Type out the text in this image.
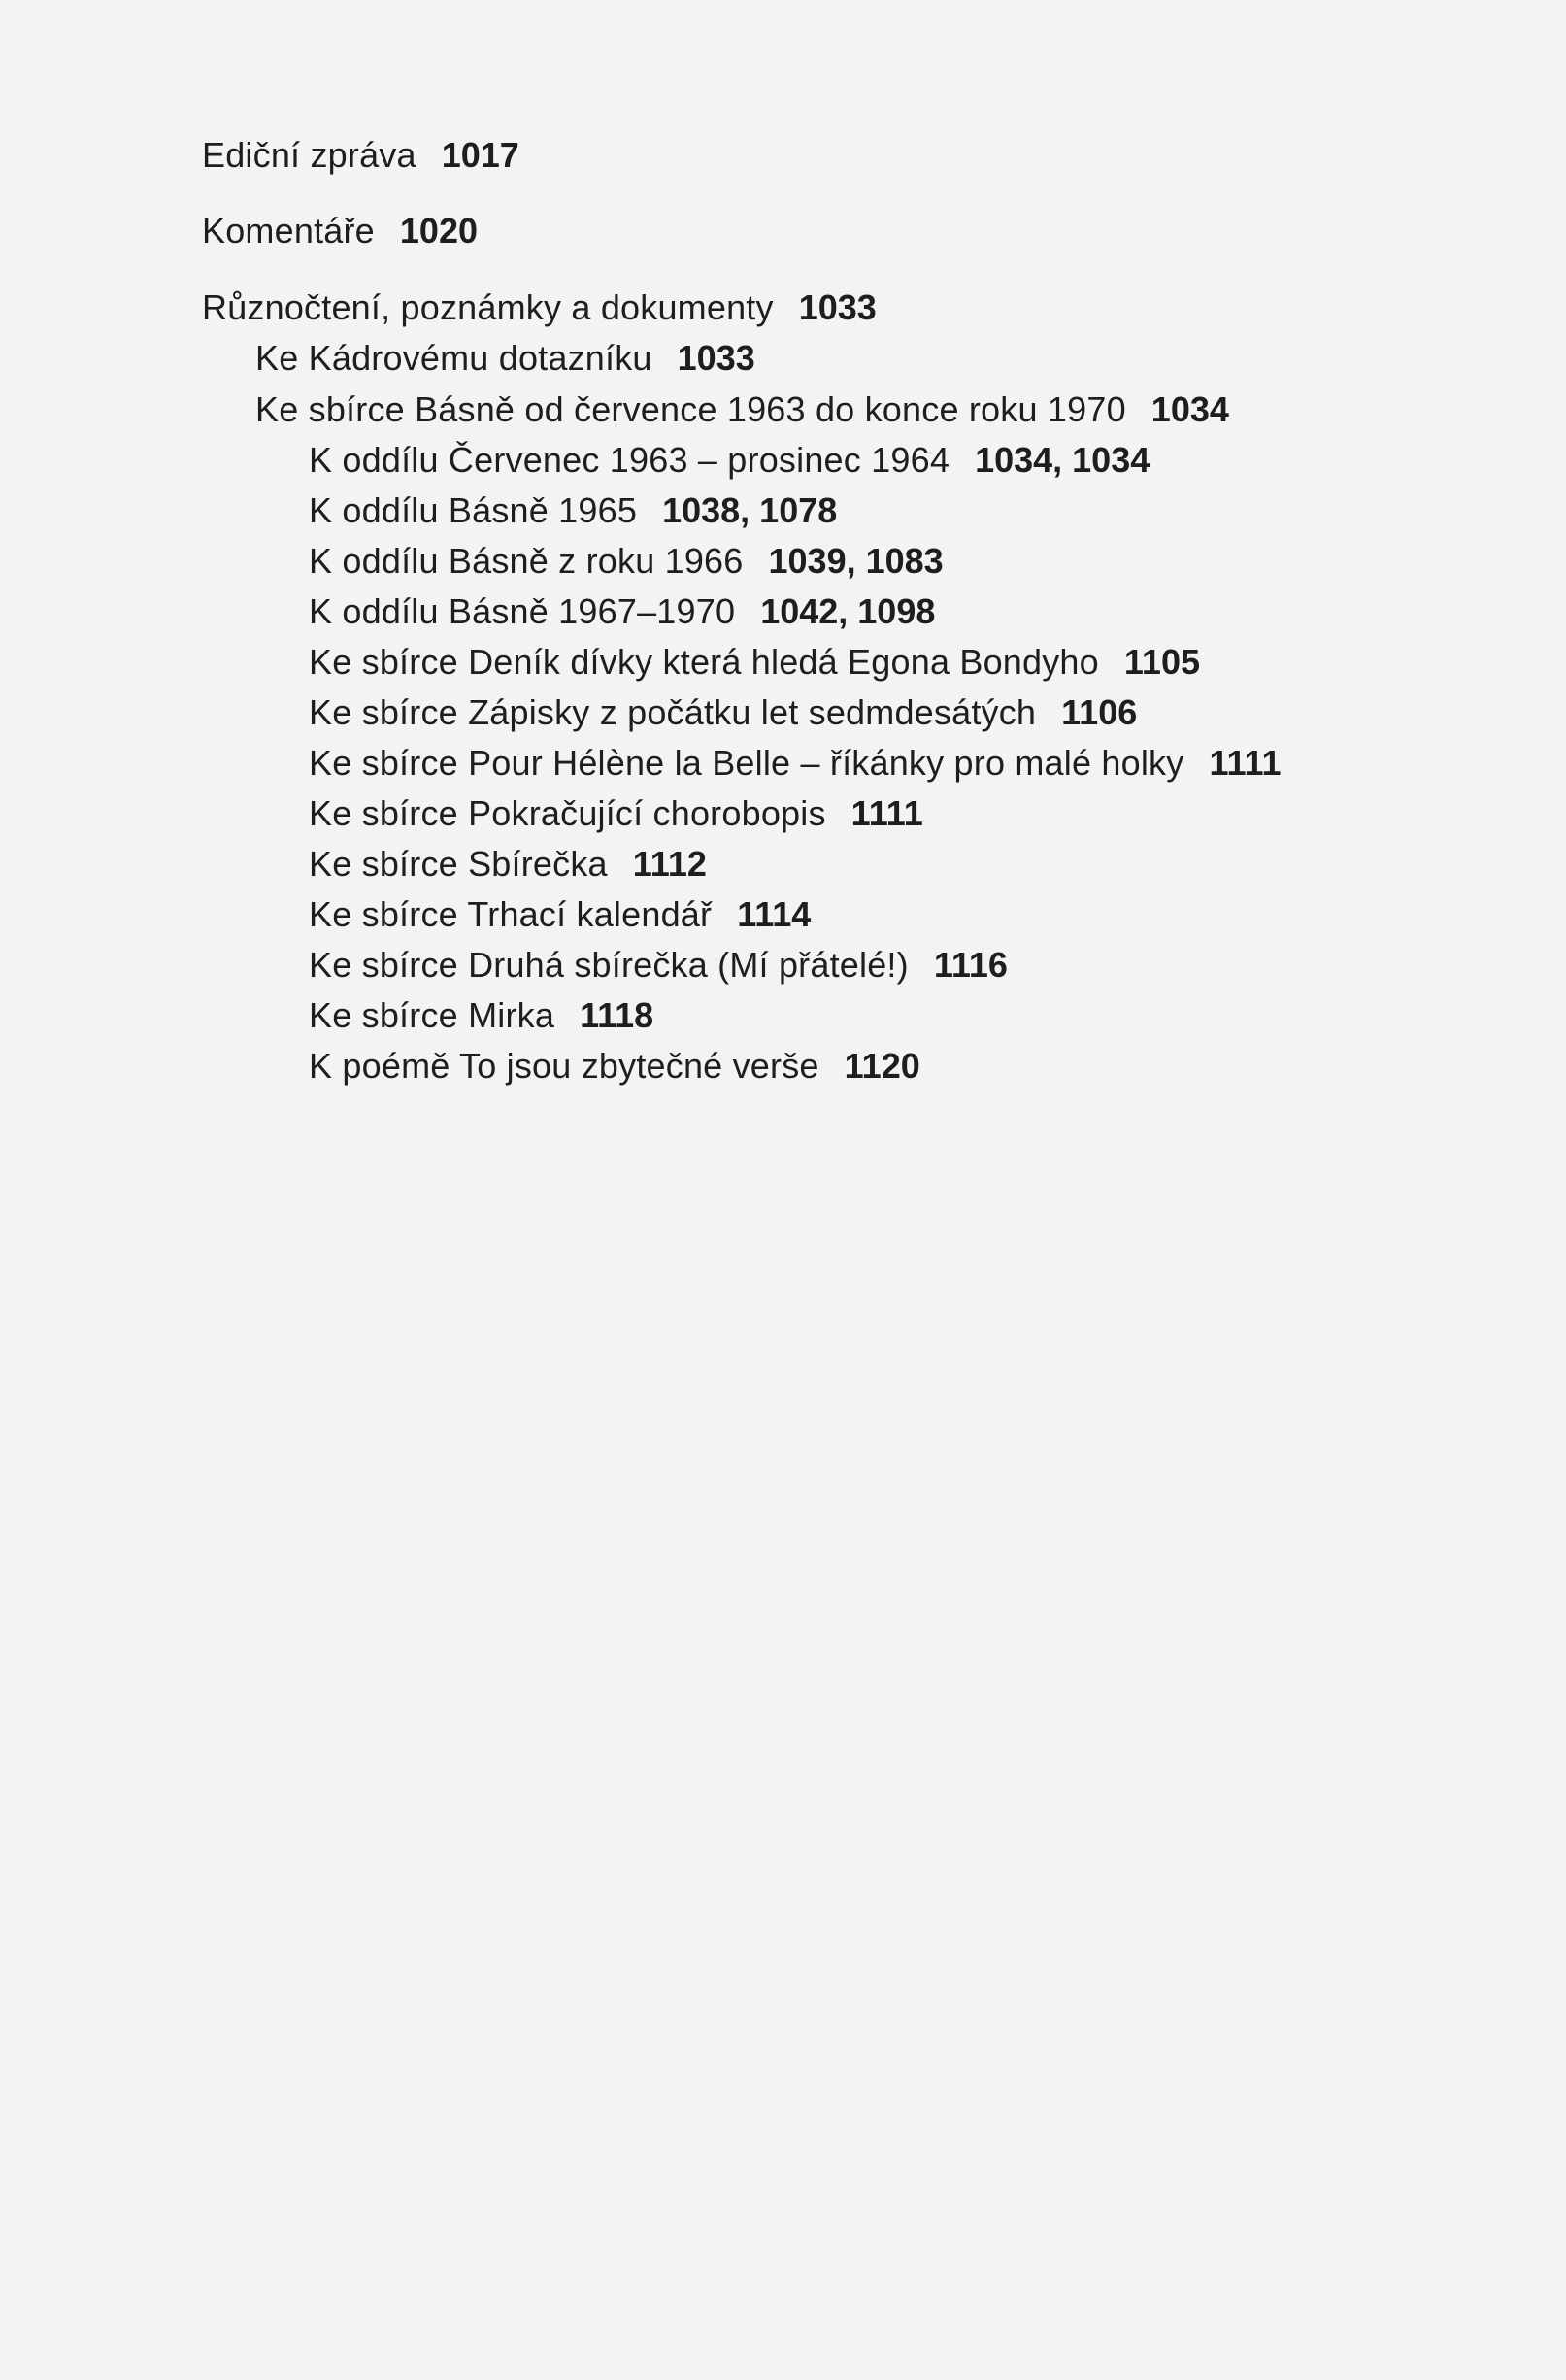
Ediční zpráva 1017
Komentáře 1020
Různočtení, poznámky a dokumenty 1033
Ke Kádrovému dotazníku 1033
Ke sbírce Básně od července 1963 do konce roku 1970 1034
K oddílu Červenec 1963 – prosinec 1964 1034, 1034
K oddílu Básně 1965 1038, 1078
K oddílu Básně z roku 1966 1039, 1083
K oddílu Básně 1967–1970 1042, 1098
Ke sbírce Deník dívky která hledá Egona Bondyho 1105
Ke sbírce Zápisky z počátku let sedmdesátých 1106
Ke sbírce Pour Hélène la Belle – říkánky pro malé holky 1111
Ke sbírce Pokračující chorobopis 1111
Ke sbírce Sbírečka 1112
Ke sbírce Trhací kalendář 1114
Ke sbírce Druhá sbírečka (Mí přátelé!) 1116
Ke sbírce Mirka 1118
K poémě To jsou zbytečné verše 1120
